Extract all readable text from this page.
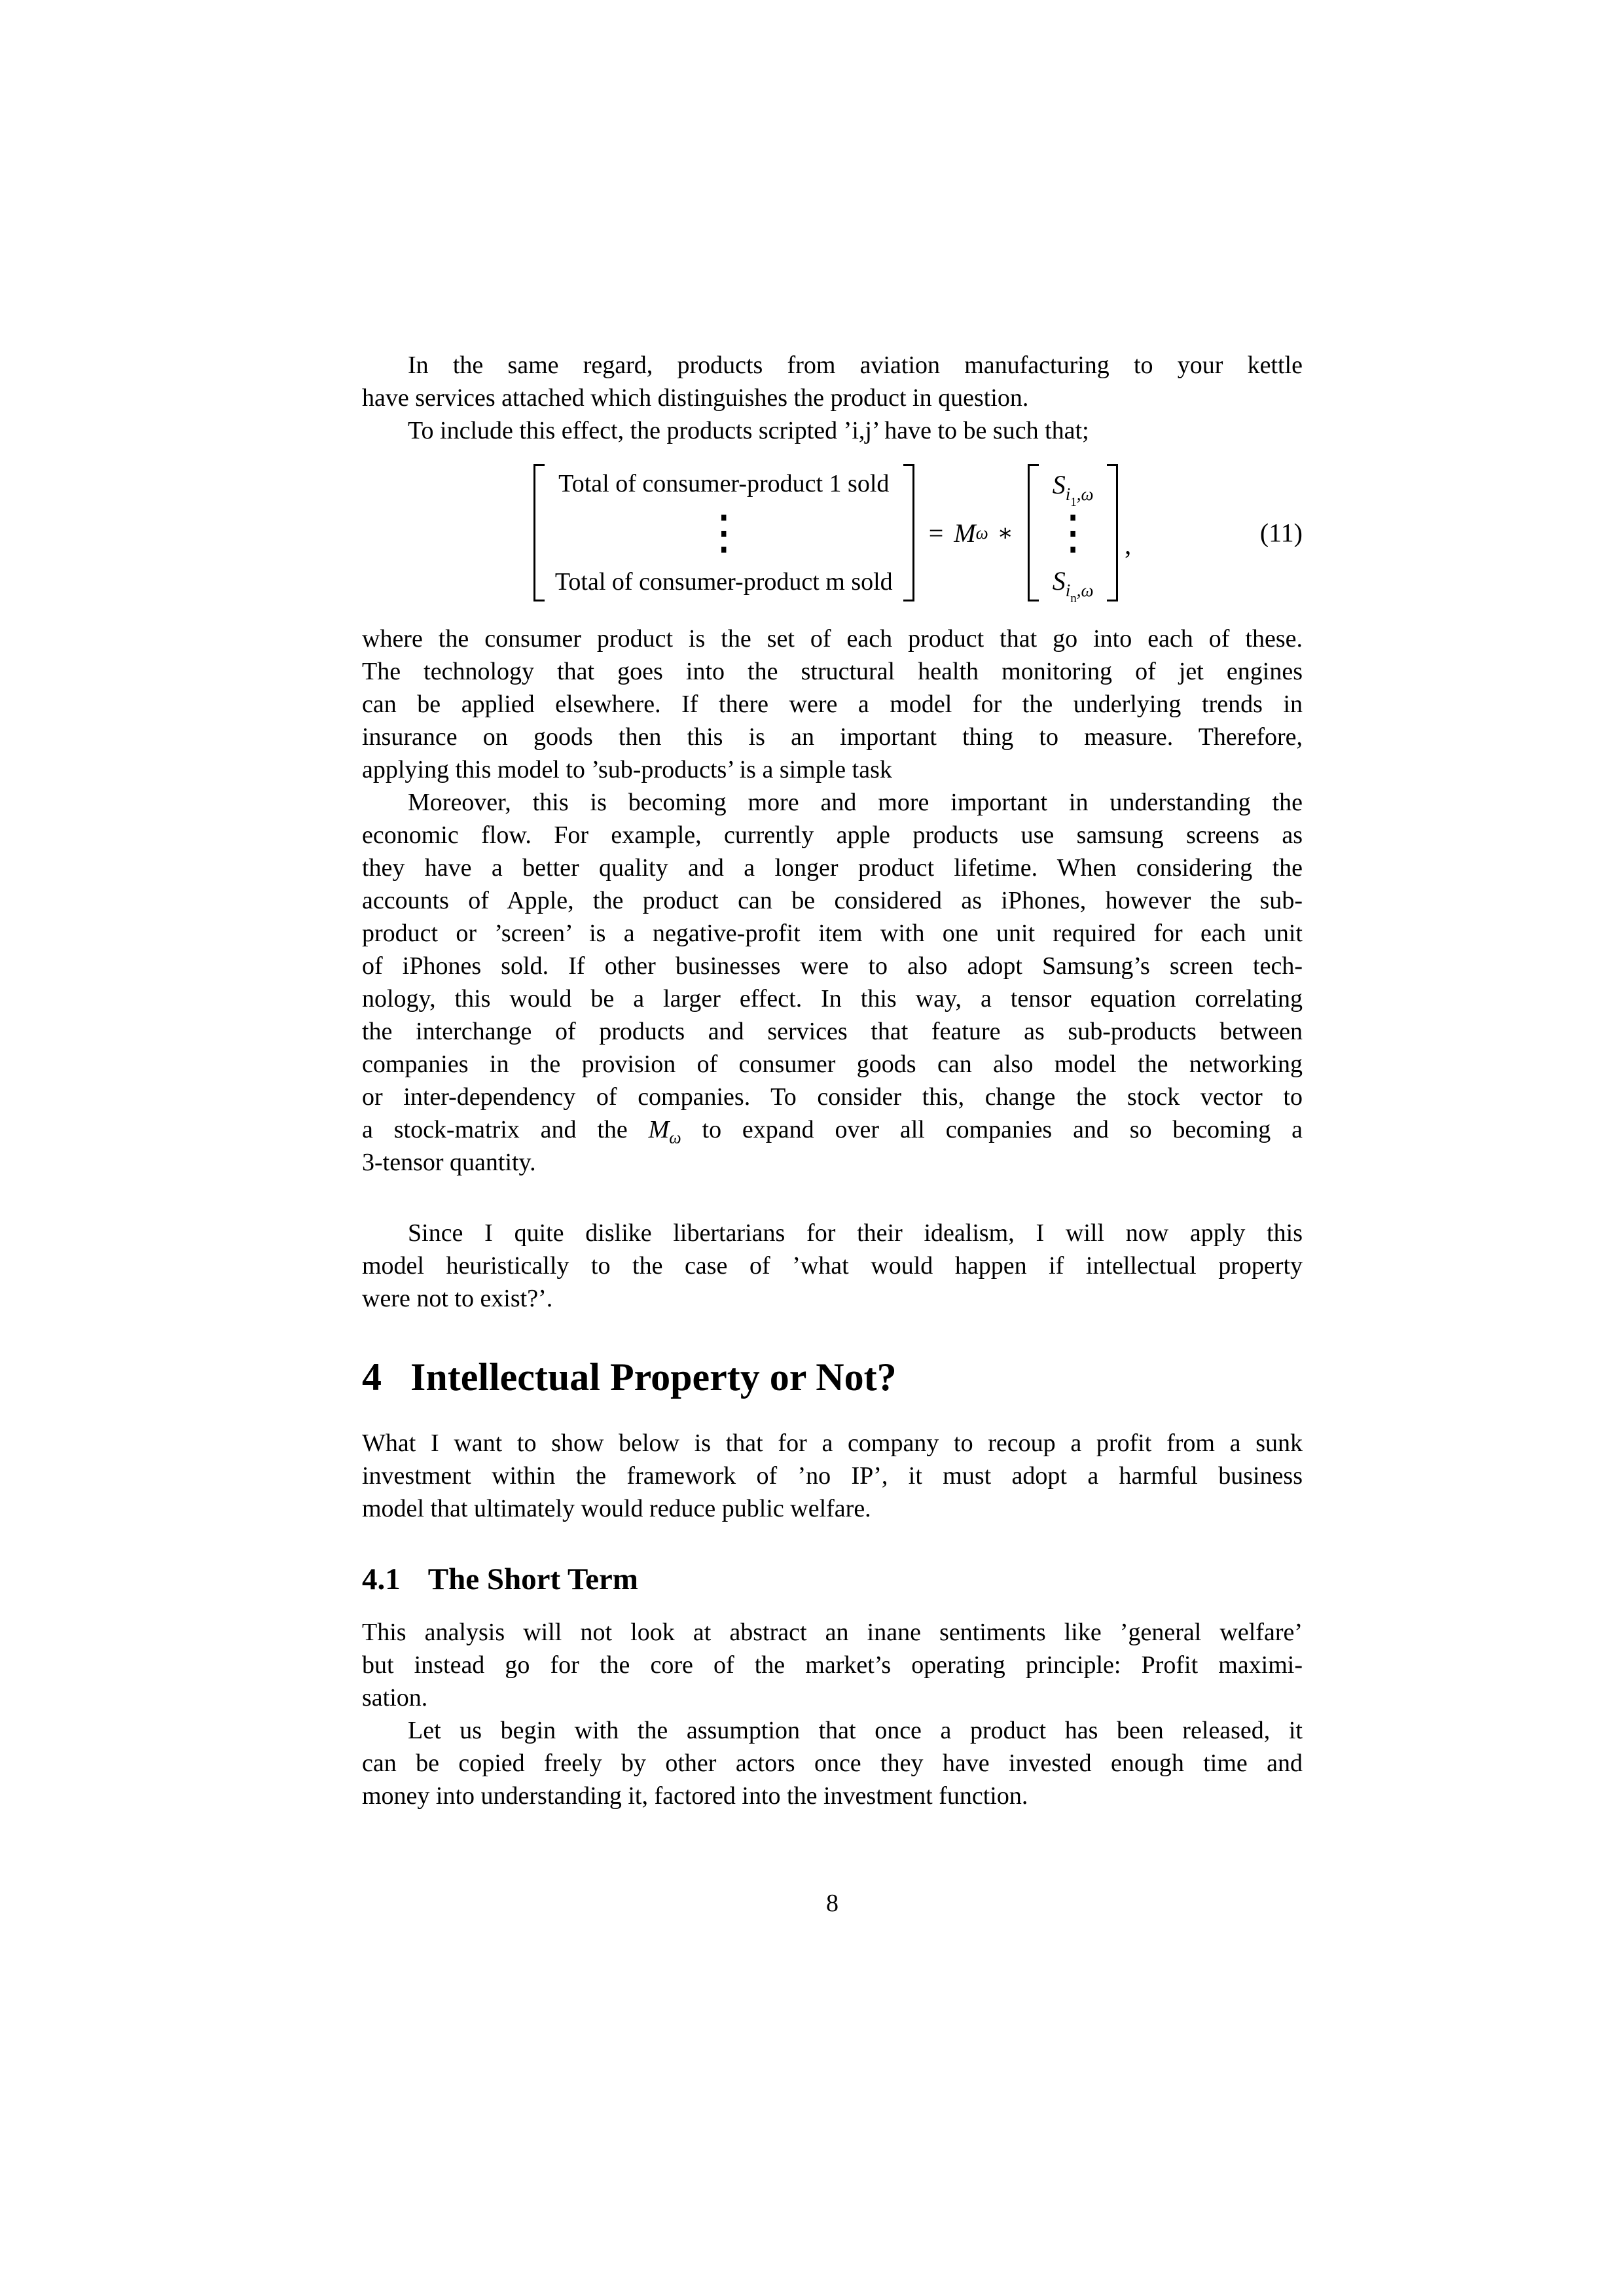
In the same regard, products from aviation manufacturing to your kettle
have services attached which distinguishes the product in question.
To include this effect, the products scripted ’i,j’ have to be such that;
Total of consumer-product 1 sold
⋮
Total of consumer-product m sold
= M ω ∗
$S_{i_1,\omega}$
⋮
$S_{i_n,\omega}$
,	(11)
where the consumer product is the set of each product that go into each of these.
The technology that goes into the structural health monitoring of jet engines
can be applied elsewhere. If there were a model for the underlying trends in
insurance on goods then this is an important thing to measure. Therefore,
applying this model to ’sub-products’ is a simple task
Moreover, this is becoming more and more important in understanding the
economic flow. For example, currently apple products use samsung screens as
they have a better quality and a longer product lifetime. When considering the
accounts of Apple, the product can be considered as iPhones, however the sub-
product or ’screen’ is a negative-profit item with one unit required for each unit
of iPhones sold. If other businesses were to also adopt Samsung’s screen tech-
nology, this would be a larger effect. In this way, a tensor equation correlating
the interchange of products and services that feature as sub-products between
companies in the provision of consumer goods can also model the networking
or inter-dependency of companies. To consider this, change the stock vector to
a stock-matrix and the $M_\omega$ to expand over all companies and so becoming a
3-tensor quantity.
Since I quite dislike libertarians for their idealism, I will now apply this
model heuristically to the case of ’what would happen if intellectual property
were not to exist?’.
4 Intellectual Property or Not?
What I want to show below is that for a company to recoup a profit from a sunk
investment within the framework of ’no IP’, it must adopt a harmful business
model that ultimately would reduce public welfare.
4.1 The Short Term
This analysis will not look at abstract an inane sentiments like ’general welfare’
but instead go for the core of the market’s operating principle: Profit maximi-
sation.
Let us begin with the assumption that once a product has been released, it
can be copied freely by other actors once they have invested enough time and
money into understanding it, factored into the investment function.
8
